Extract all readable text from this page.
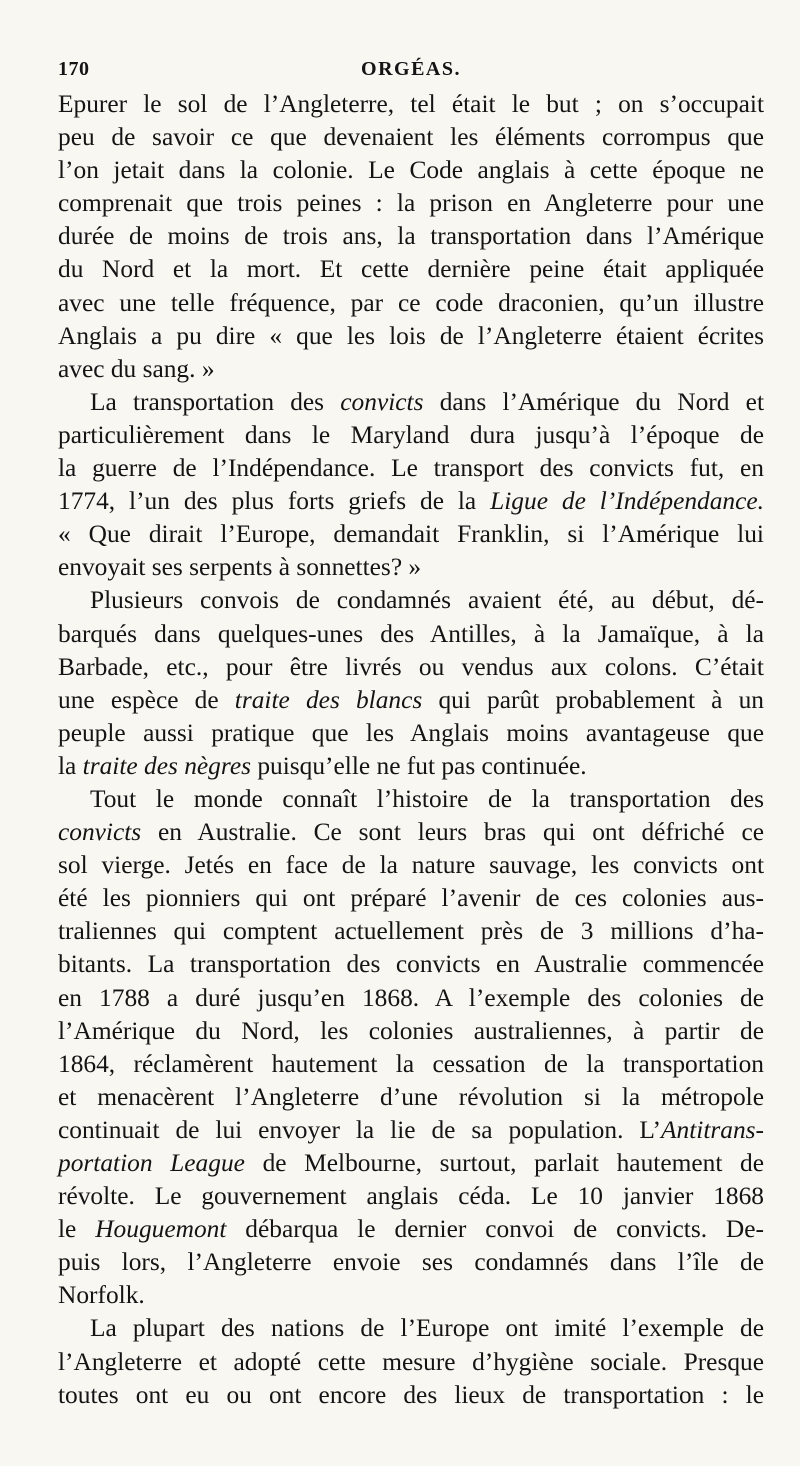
170	ORGÉAS.
Epurer le sol de l’Angleterre, tel était le but ; on s’occupait
peu de savoir ce que devenaient les éléments corrompus que
l’on jetait dans la colonie. Le Code anglais à cette époque ne
comprenait que trois peines : la prison en Angleterre pour une
durée de moins de trois ans, la transportation dans l’Amérique
du Nord et la mort. Et cette dernière peine était appliquée
avec une telle fréquence, par ce code draconien, qu’un illustre
Anglais a pu dire « que les lois de l’Angleterre étaient écrites
avec du sang. »
La transportation des convicts dans l’Amérique du Nord et
particulièrement dans le Maryland dura jusqu’à l’époque de
la guerre de l’Indépendance. Le transport des convicts fut, en
1774, l’un des plus forts griefs de la Ligue de l’Indépendance.
« Que dirait l’Europe, demandait Franklin, si l’Amérique lui
envoyait ses serpents à sonnettes? »
Plusieurs convois de condamnés avaient été, au début, dé-
barqués dans quelques-unes des Antilles, à la Jamaïque, à la
Barbade, etc., pour être livrés ou vendus aux colons. C’était
une espèce de traite des blancs qui parût probablement à un
peuple aussi pratique que les Anglais moins avantageuse que
la traite des nègres puisqu’elle ne fut pas continuée.
Tout le monde connaît l’histoire de la transportation des
convicts en Australie. Ce sont leurs bras qui ont défriché ce
sol vierge. Jetés en face de la nature sauvage, les convicts ont
été les pionniers qui ont préparé l’avenir de ces colonies aus-
traliennes qui comptent actuellement près de 3 millions d’ha-
bitants. La transportation des convicts en Australie commencée
en 1788 a duré jusqu’en 1868. A l’exemple des colonies de
l’Amérique du Nord, les colonies australiennes, à partir de
1864, réclamèrent hautement la cessation de la transportation
et menacèrent l’Angleterre d’une révolution si la métropole
continuait de lui envoyer la lie de sa population. L’Antitrans-
portation League de Melbourne, surtout, parlait hautement de
révolte. Le gouvernement anglais céda. Le 10 janvier 1868
le Houguemont débarqua le dernier convoi de convicts. De-
puis lors, l’Angleterre envoie ses condamnés dans l’île de
Norfolk.
La plupart des nations de l’Europe ont imité l’exemple de
l’Angleterre et adopté cette mesure d’hygiène sociale. Presque
toutes ont eu ou ont encore des lieux de transportation : le
